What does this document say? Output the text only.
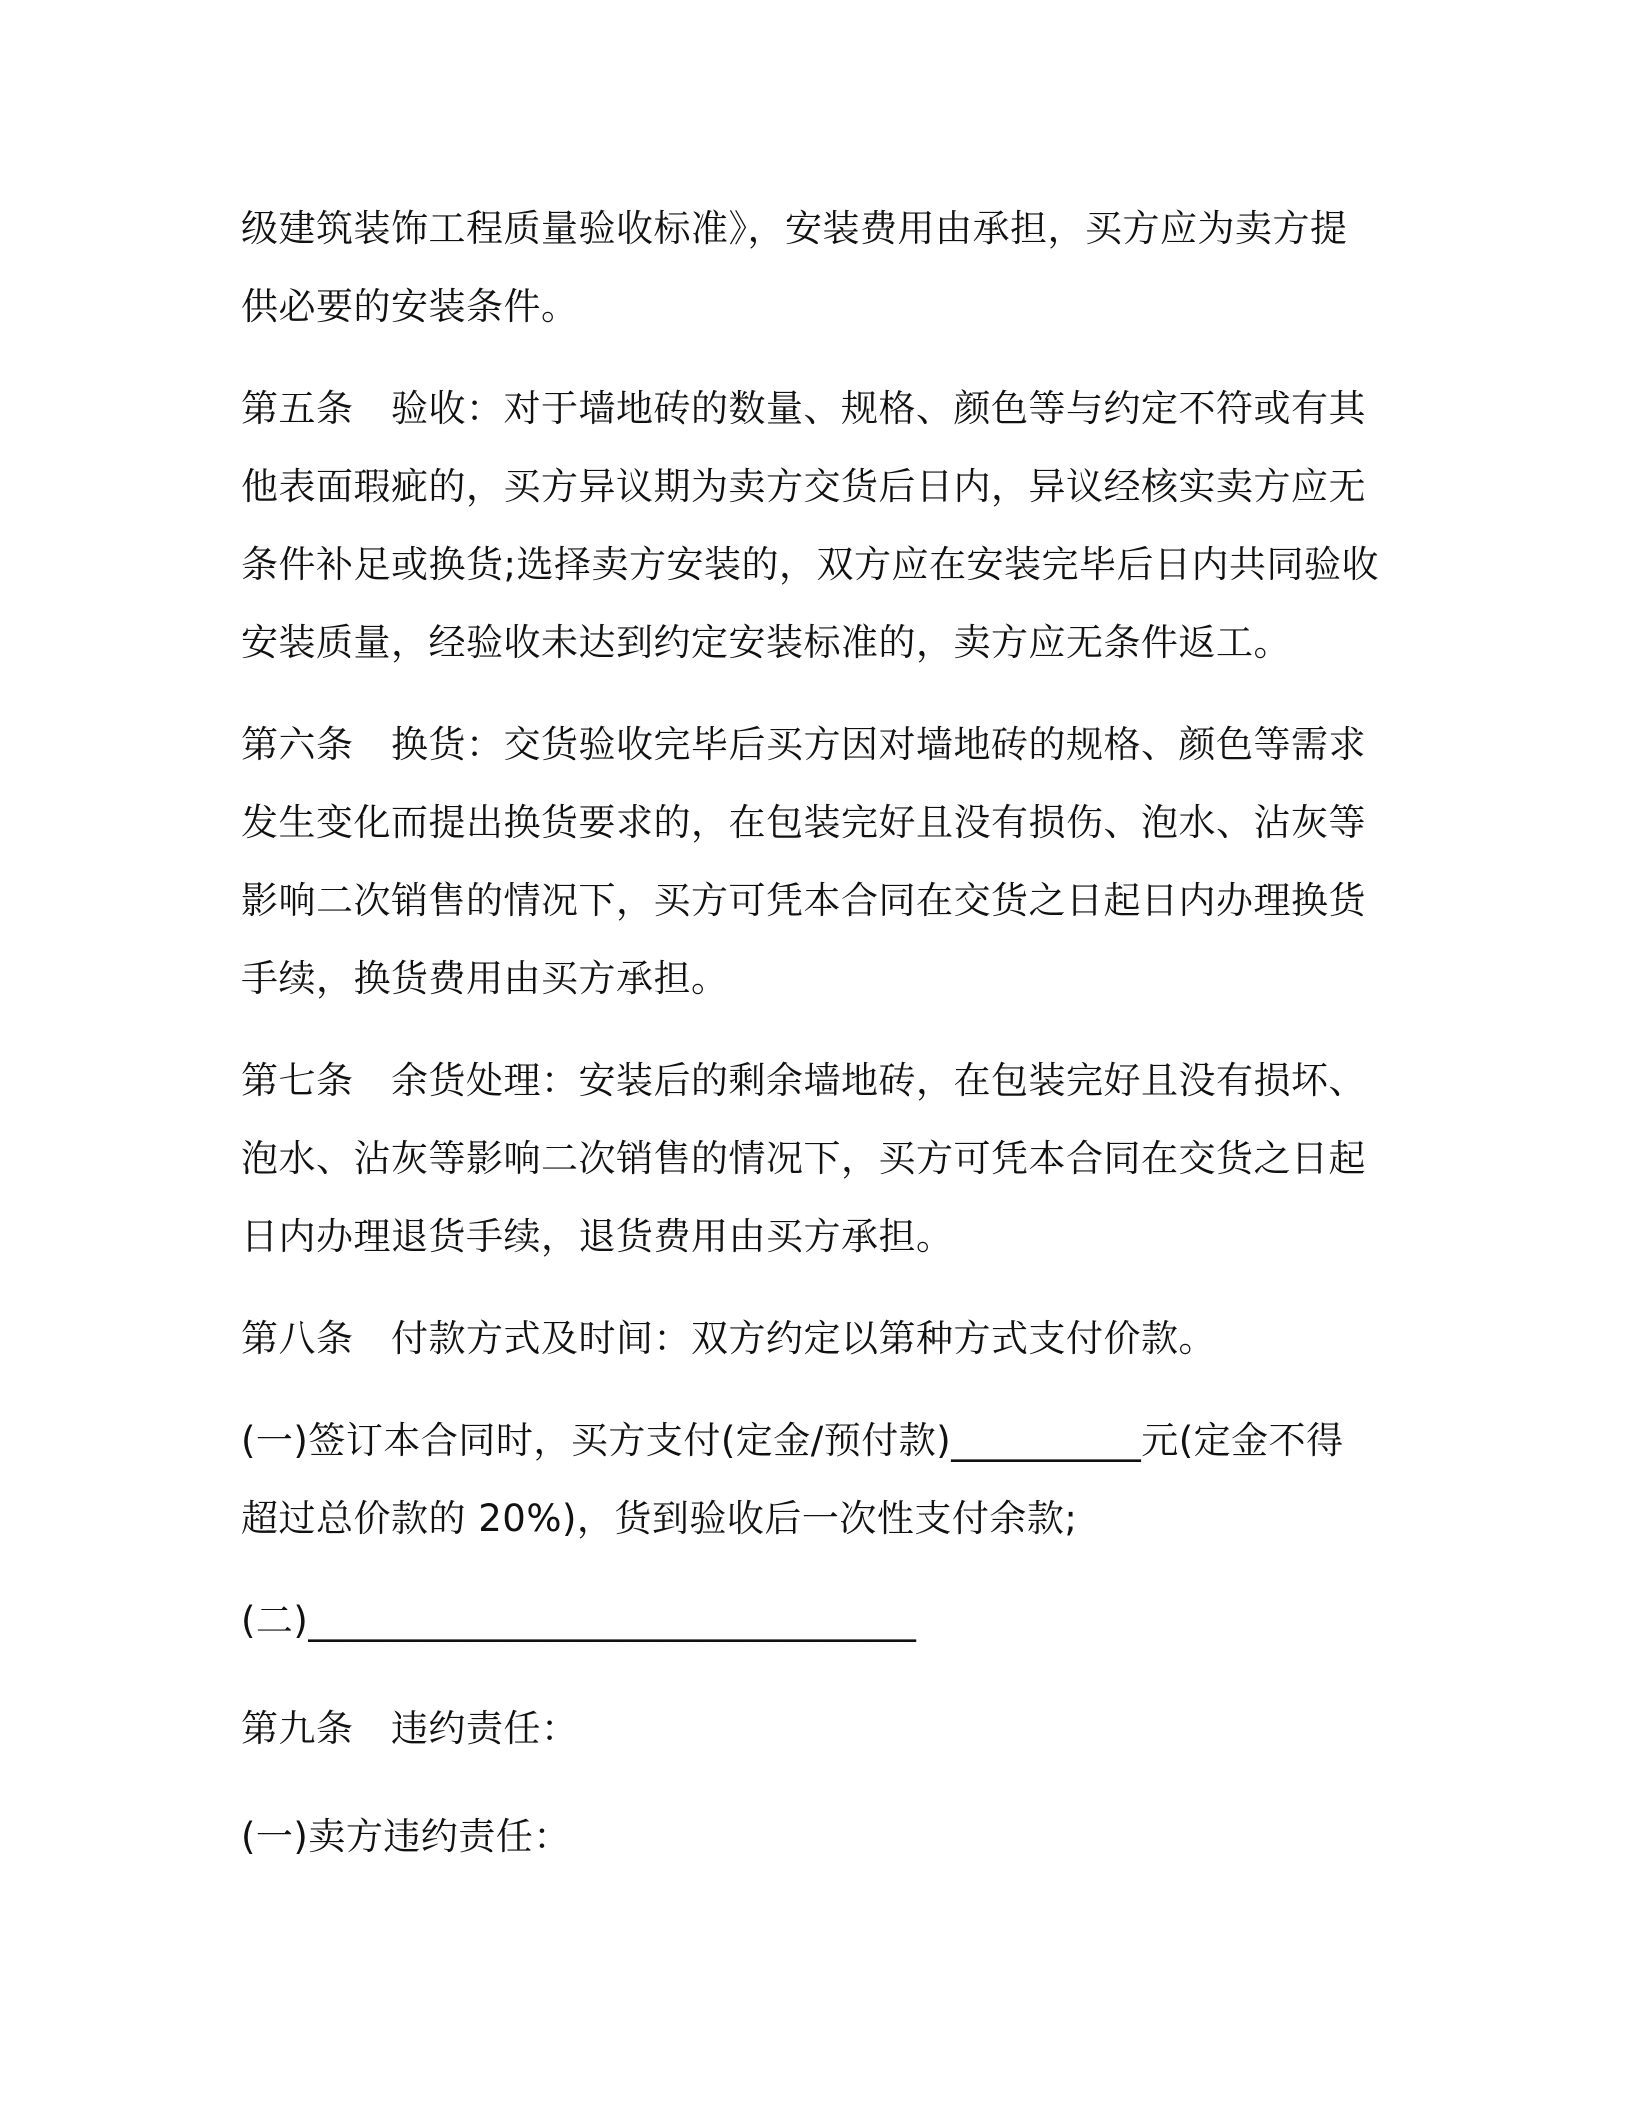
级建筑装饰工程质量验收标准》，安装费用由承担，买方应为卖方提供必要的安装条件。

第五条　验收：对于墙地砖的数量、规格、颜色等与约定不符或有其他表面瑕疵的，买方异议期为卖方交货后日内，异议经核实卖方应无条件补足或换货;选择卖方安装的，双方应在安装完毕后日内共同验收安装质量，经验收未达到约定安装标准的，卖方应无条件返工。

第六条　换货：交货验收完毕后买方因对墙地砖的规格、颜色等需求发生变化而提出换货要求的，在包装完好且没有损伤、泡水、沾灰等影响二次销售的情况下，买方可凭本合同在交货之日起日内办理换货手续，换货费用由买方承担。

第七条　余货处理：安装后的剩余墙地砖，在包装完好且没有损坏、泡水、沾灰等影响二次销售的情况下，买方可凭本合同在交货之日起日内办理退货手续，退货费用由买方承担。

第八条　付款方式及时间：双方约定以第种方式支付价款。

(一)签订本合同时，买方支付(定金/预付款)__________元(定金不得超过总价款的 20%)，货到验收后一次性支付余款;

(二)________________________________

第九条　违约责任：

(一)卖方违约责任：
